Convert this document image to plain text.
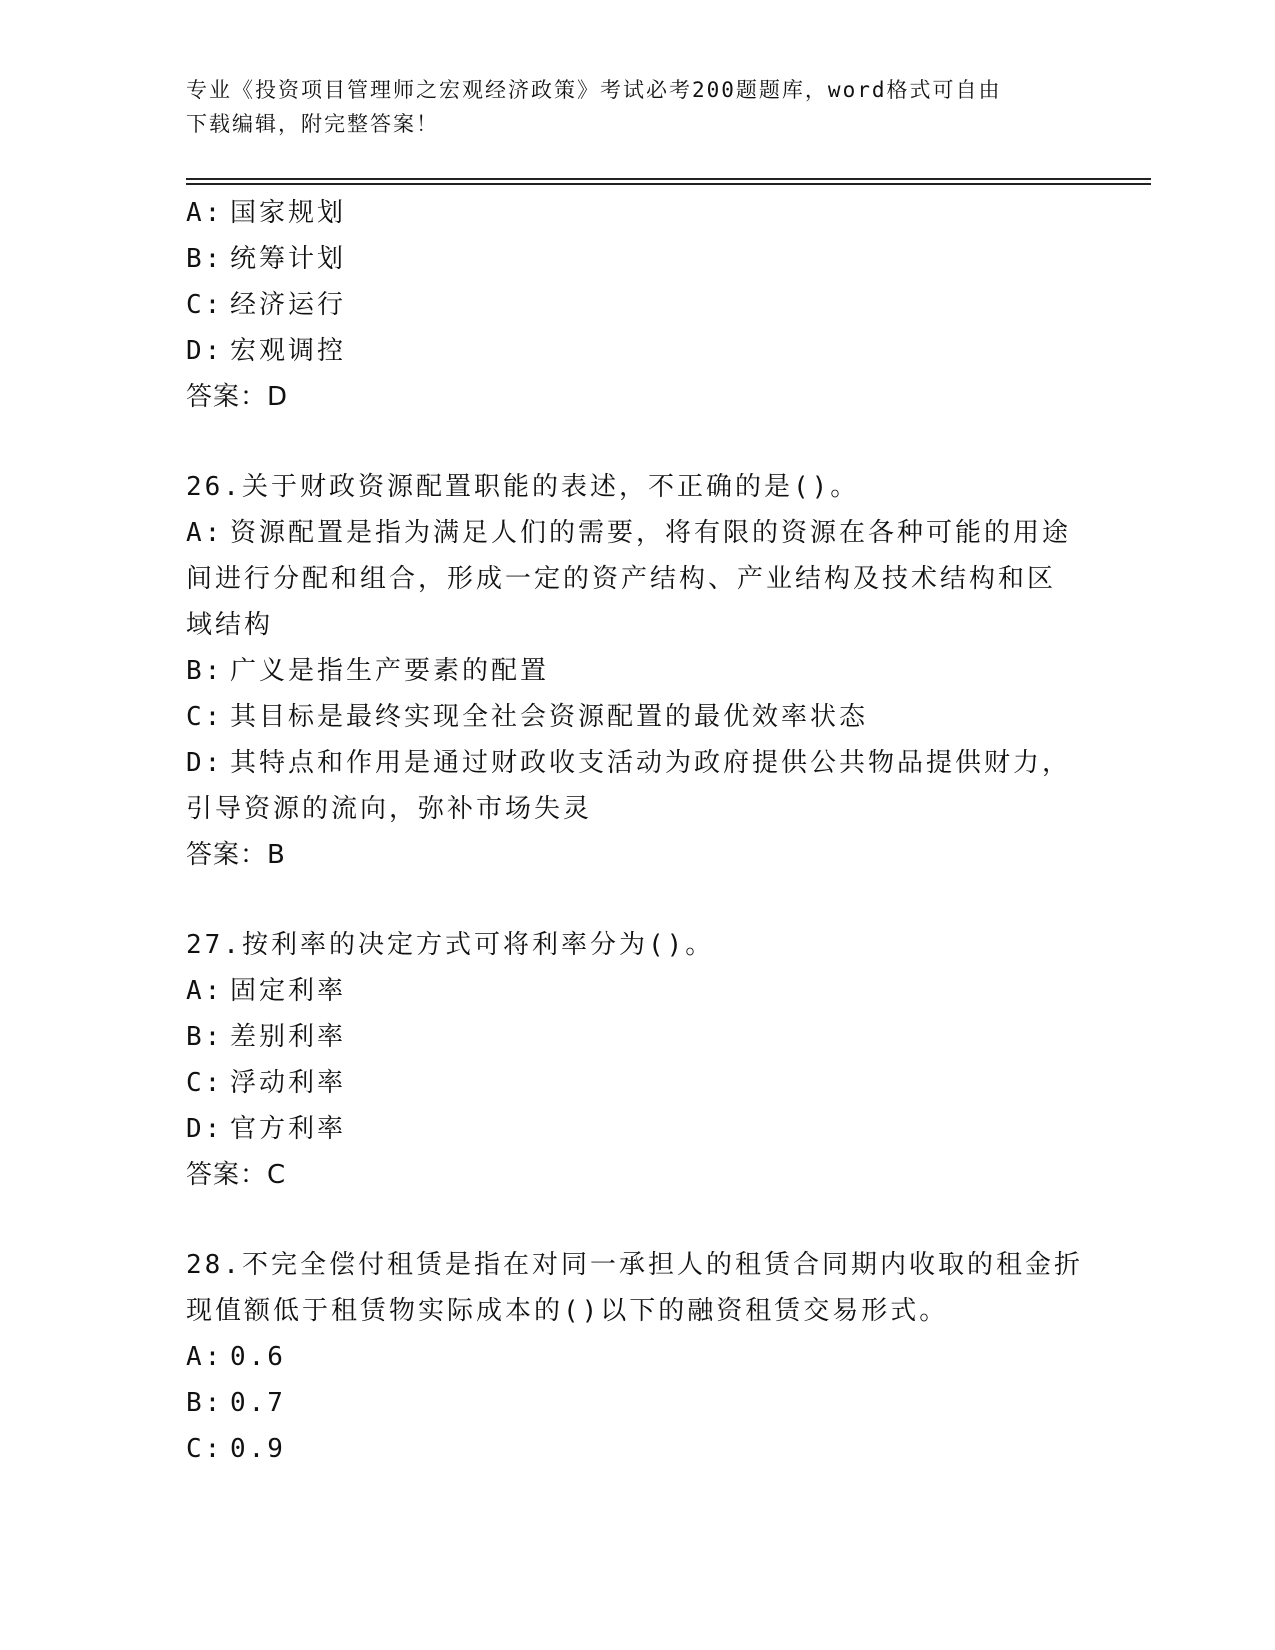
专业《投资项目管理师之宏观经济政策》考试必考200题题库，word格式可自由
下载编辑，附完整答案！
A: 国家规划
B: 统筹计划
C: 经济运行
D: 宏观调控
答案：D
26.关于财政资源配置职能的表述，不正确的是()。
A: 资源配置是指为满足人们的需要，将有限的资源在各种可能的用途
间进行分配和组合，形成一定的资产结构、产业结构及技术结构和区
域结构
B: 广义是指生产要素的配置
C: 其目标是最终实现全社会资源配置的最优效率状态
D: 其特点和作用是通过财政收支活动为政府提供公共物品提供财力，
引导资源的流向，弥补市场失灵
答案：B
27.按利率的决定方式可将利率分为()。
A: 固定利率
B: 差别利率
C: 浮动利率
D: 官方利率
答案：C
28.不完全偿付租赁是指在对同一承担人的租赁合同期内收取的租金折
现值额低于租赁物实际成本的()以下的融资租赁交易形式。
A: 0.6
B: 0.7
C: 0.9
